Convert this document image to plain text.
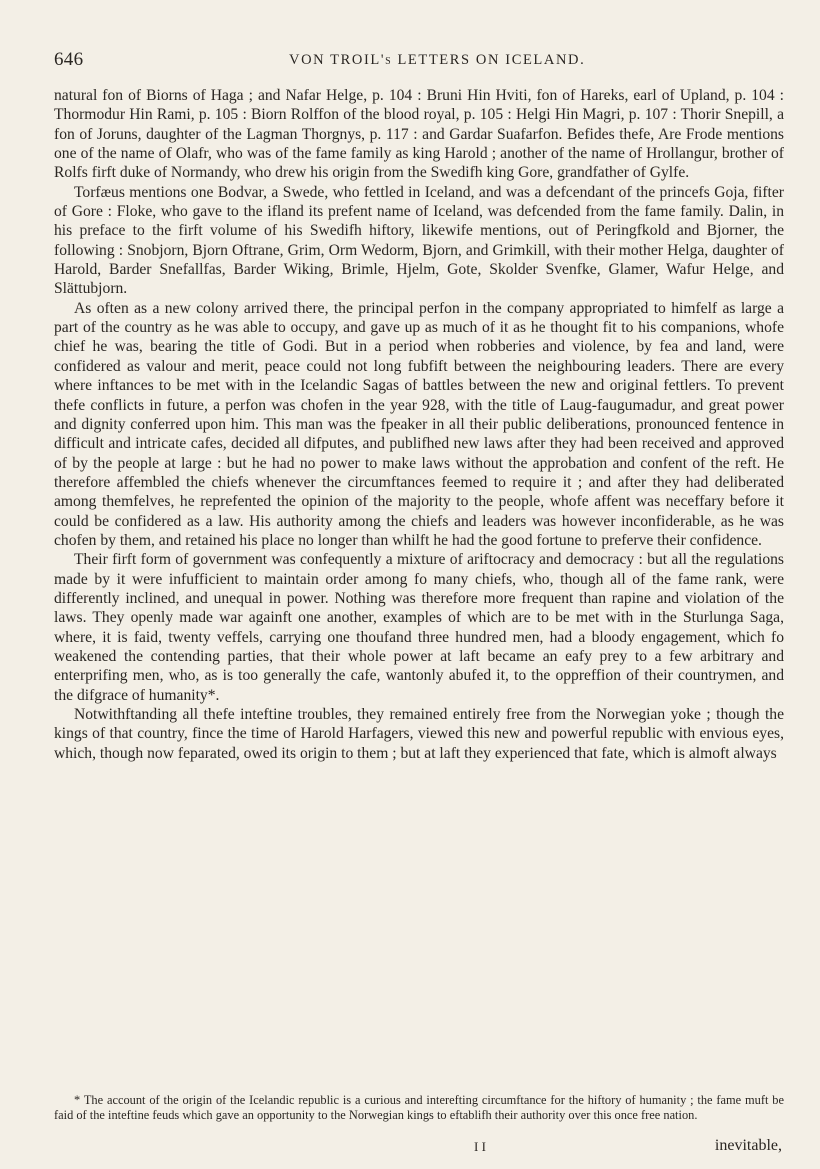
646	VON TROIL's LETTERS ON ICELAND.

natural fon of Biorns of Haga ; and Nafar Helge, p. 104 : Bruni Hin Hviti, fon of Hareks, earl of Upland, p. 104 : Thormodur Hin Rami, p. 105 : Biorn Rolffon of the blood royal, p. 105 : Helgi Hin Magri, p. 107 : Thorir Snepill, a fon of Joruns, daughter of the Lagman Thorgnys, p. 117 : and Gardar Suafarfon. Befides thefe, Are Frode mentions one of the name of Olafr, who was of the fame family as king Harold ; another of the name of Hrollangur, brother of Rolfs firft duke of Normandy, who drew his origin from the Swedifh king Gore, grandfather of Gylfe.

Torfæus mentions one Bodvar, a Swede, who fettled in Iceland, and was a defcendant of the princefs Goja, fifter of Gore : Floke, who gave to the ifland its prefent name of Iceland, was defcended from the fame family. Dalin, in his preface to the firft volume of his Swedifh hiftory, likewife mentions, out of Peringfkold and Bjorner, the following : Snobjorn, Bjorn Oftrane, Grim, Orm Wedorm, Bjorn, and Grimkill, with their mother Helga, daughter of Harold, Barder Snefallfas, Barder Wiking, Brimle, Hjelm, Gote, Skolder Svenfke, Glamer, Wafur Helge, and Slättubjorn.

As often as a new colony arrived there, the principal perfon in the company appropriated to himfelf as large a part of the country as he was able to occupy, and gave up as much of it as he thought fit to his companions, whofe chief he was, bearing the title of Godi. But in a period when robberies and violence, by fea and land, were confidered as valour and merit, peace could not long fubfift between the neighbouring leaders. There are every where inftances to be met with in the Icelandic Sagas of battles between the new and original fettlers. To prevent thefe conflicts in future, a perfon was chofen in the year 928, with the title of Laug-faugumadur, and great power and dignity conferred upon him. This man was the fpeaker in all their public deliberations, pronounced fentence in difficult and intricate cafes, decided all difputes, and publifhed new laws after they had been received and approved of by the people at large : but he had no power to make laws without the approbation and confent of the reft. He therefore affembled the chiefs whenever the circumftances feemed to require it ; and after they had deliberated among themfelves, he reprefented the opinion of the majority to the people, whofe affent was neceffary before it could be confidered as a law. His authority among the chiefs and leaders was however inconfiderable, as he was chofen by them, and retained his place no longer than whilft he had the good fortune to preferve their confidence.

Their firft form of government was confequently a mixture of ariftocracy and democracy : but all the regulations made by it were infufficient to maintain order among fo many chiefs, who, though all of the fame rank, were differently inclined, and unequal in power. Nothing was therefore more frequent than rapine and violation of the laws. They openly made war againft one another, examples of which are to be met with in the Sturlunga Saga, where, it is faid, twenty veffels, carrying one thoufand three hundred men, had a bloody engagement, which fo weakened the contending parties, that their whole power at laft became an eafy prey to a few arbitrary and enterprifing men, who, as is too generally the cafe, wantonly abufed it, to the oppreffion of their countrymen, and the difgrace of humanity*.

Notwithftanding all thefe inteftine troubles, they remained entirely free from the Norwegian yoke ; though the kings of that country, fince the time of Harold Harfagers, viewed this new and powerful republic with envious eyes, which, though now feparated, owed its origin to them ; but at laft they experienced that fate, which is almoft always

* The account of the origin of the Icelandic republic is a curious and interefting circumftance for the hiftory of humanity ; the fame muft be faid of the inteftine feuds which gave an opportunity to the Norwegian kings to eftablifh their authority over this once free nation.
I I	inevitable,
